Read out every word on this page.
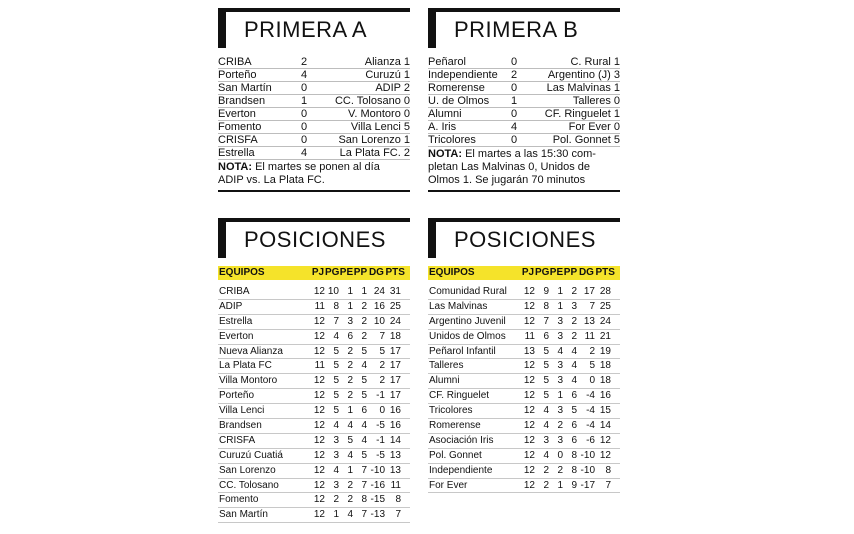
PRIMERA A
CRIBA	2	Alianza 1
Porteño	4	Curuzú 1
San Martín	0	ADIP 2
Brandsen	1	CC. Tolosano 0
Everton	0	V. Montoro 0
Fomento	0	Villa Lenci 5
CRISFA	0	San Lorenzo 1
Estrella	4	La Plata FC. 2
NOTA: El martes se ponen al día
ADIP vs. La Plata FC.
PRIMERA B
Peñarol	0	C. Rural 1
Independiente	2	Argentino (J) 3
Romerense	0	Las Malvinas 1
U. de Olmos	1	Talleres 0
Alumni	0	CF. Ringuelet 1
A. Iris	4	For Ever 0
Tricolores	0	Pol. Gonnet 5
NOTA: El martes a las 15:30 com-
pletan Las Malvinas 0, Unidos de
Olmos 1. Se jugarán 70 minutos
POSICIONES
EQUIPOS	PJ PG PE PP DG PTS
CRIBA	12 10 1 1 24 31
ADIP	11 8 1 2 16 25
Estrella	12 7 3 2 10 24
Everton	12 4 6 2	7 18
Nueva Alianza	12 5 2 5	5 17
La Plata FC	11 5 2 4	2 17
Villa Montoro	12 5 2 5	2 17
Porteño	12 5 2 5 -1 17
Villa Lenci	12 5 1 6	0 16
Brandsen	12 4 4 4 -5 16
CRISFA	12 3 5 4 -1 14
Curuzú Cuatiá	12 3 4 5 -5 13
San Lorenzo	12 4 1 7 -10 13
CC. Tolosano	12 3 2 7 -16 11
Fomento	12 2 2 8 -15	8
San Martín	12 1 4 7 -13	7
POSICIONES
EQUIPOS	PJ PG PE PP DG PTS
Comunidad Rural	12 9 1 2 17 28
Las Malvinas	12 8 1 3	7 25
Argentino Juvenil	12 7 3 2 13 24
Unidos de Olmos	11 6 3 2 11 21
Peñarol Infantil	13 5 4 4	2 19
Talleres	12 5 3 4	5 18
Alumni	12 5 3 4	0 18
CF. Ringuelet	12 5 1 6 -4 16
Tricolores	12 4 3 5 -4 15
Romerense	12 4 2 6 -4 14
Asociación Iris	12 3 3 6 -6 12
Pol. Gonnet	12 4 0 8 -10 12
Independiente	12 2 2 8 -10	8
For Ever	12 2 1 9 -17	7
